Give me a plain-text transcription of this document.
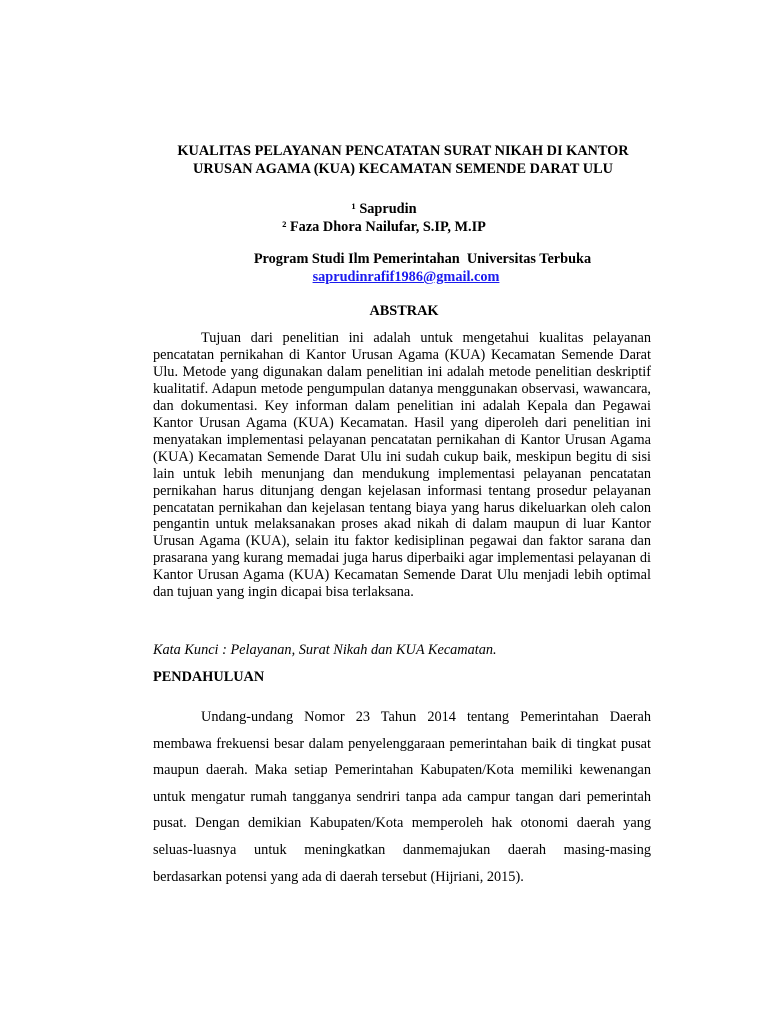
KUALITAS PELAYANAN PENCATATAN SURAT NIKAH DI KANTOR
URUSAN AGAMA (KUA) KECAMATAN SEMENDE DARAT ULU
¹ Saprudin
² Faza Dhora Nailufar, S.IP, M.IP
Program Studi Ilm Pemerintahan  Universitas Terbuka
saprudinrafif1986@gmail.com
ABSTRAK

Tujuan dari penelitian ini adalah untuk mengetahui kualitas pelayanan pencatatan pernikahan di Kantor Urusan Agama (KUA) Kecamatan Semende Darat Ulu. Metode yang digunakan dalam penelitian ini adalah metode penelitian deskriptif kualitatif. Adapun metode pengumpulan datanya menggunakan observasi, wawancara, dan dokumentasi. Key informan dalam penelitian ini adalah Kepala dan Pegawai Kantor Urusan Agama (KUA) Kecamatan. Hasil yang diperoleh dari penelitian ini menyatakan implementasi pelayanan pencatatan pernikahan di Kantor Urusan Agama (KUA) Kecamatan Semende Darat Ulu ini sudah cukup baik, meskipun begitu di sisi lain untuk lebih menunjang dan mendukung implementasi pelayanan pencatatan pernikahan harus ditunjang dengan kejelasan informasi tentang prosedur pelayanan pencatatan pernikahan dan kejelasan tentang biaya yang harus dikeluarkan oleh calon pengantin untuk melaksanakan proses akad nikah di dalam maupun di luar Kantor Urusan Agama (KUA), selain itu faktor kedisiplinan pegawai dan faktor sarana dan prasarana yang kurang memadai juga harus diperbaiki agar implementasi pelayanan di Kantor Urusan Agama (KUA) Kecamatan Semende Darat Ulu menjadi lebih optimal dan tujuan yang ingin dicapai bisa terlaksana.

Kata Kunci : Pelayanan, Surat Nikah dan KUA Kecamatan.
PENDAHULUAN

Undang-undang Nomor 23 Tahun 2014 tentang Pemerintahan Daerah membawa frekuensi besar dalam penyelenggaraan pemerintahan baik di tingkat pusat maupun daerah. Maka setiap Pemerintahan Kabupaten/Kota memiliki kewenangan untuk mengatur rumah tangganya sendriri tanpa ada campur tangan dari pemerintah pusat. Dengan demikian Kabupaten/Kota memperoleh hak otonomi daerah yang seluas-luasnya untuk meningkatkan danmemajukan daerah masing-masing berdasarkan potensi yang ada di daerah tersebut (Hijriani, 2015).
